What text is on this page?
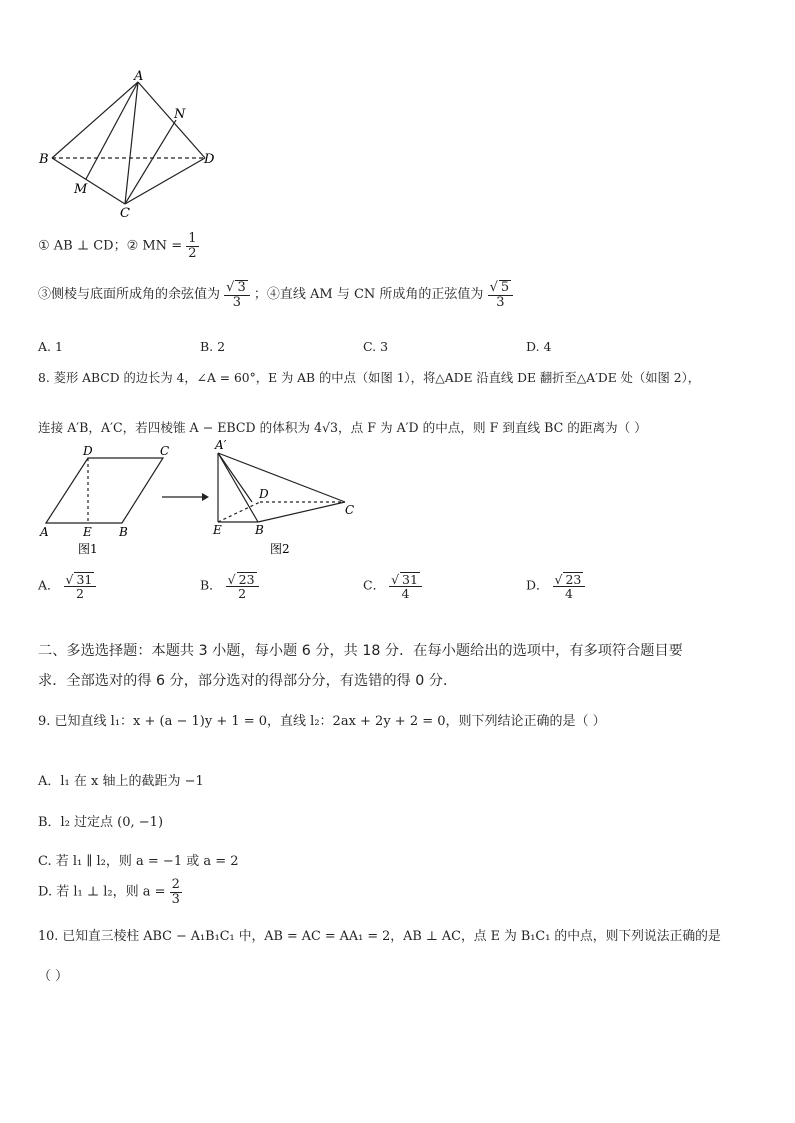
A
N
B	D
M
C
① AB ⊥ CD；② MN = $\frac{1}{2}$
③侧棱与底面所成角的余弦值为 $\frac{√ 3}{3}$ ；④直线 AM 与 CN 所成角的正弦值为 $\frac{√ 5}{3}$
A. 1	B. 2	C. 3	D. 4
8. 菱形 ABCD 的边长为 4，∠A = 60°，E 为 AB 的中点（如图 1），将△ADE 沿直线 DE 翻折至△A′DE 处（如图 2），
连接 A′B，A′C，若四棱锥 A − EBCD 的体积为 4√3，点 F 为 A′D 的中点，则 F 到直线 BC 的距离为（ ）
D	C
A	E B
图1
A′
D
C
E	B
图2
A． $\frac{√ 31}{2}$	B． $\frac{√ 23}{2}$	C． $\frac{√ 31}{4}$	D． $\frac{√ 23}{4}$
二、多选选择题：本题共 3 小题，每小题 6 分，共 18 分．在每小题给出的选项中，有多项符合题目要
求．全部选对的得 6 分，部分选对的得部分分，有选错的得 0 分．
9. 已知直线 l₁：x + (a − 1)y + 1 = 0，直线 l₂：2ax + 2y + 2 = 0，则下列结论正确的是（ ）
A．l₁ 在 x 轴上的截距为 −1
B．l₂ 过定点 (0, −1)
C. 若 l₁ ∥ l₂，则 a = −1 或 a = 2
D. 若 l₁ ⊥ l₂，则 $a = \frac{2}{3}$
10. 已知直三棱柱 ABC − A₁B₁C₁ 中，AB = AC = AA₁ = 2，AB ⊥ AC，点 E 为 B₁C₁ 的中点，则下列说法正确的是
（ ）
